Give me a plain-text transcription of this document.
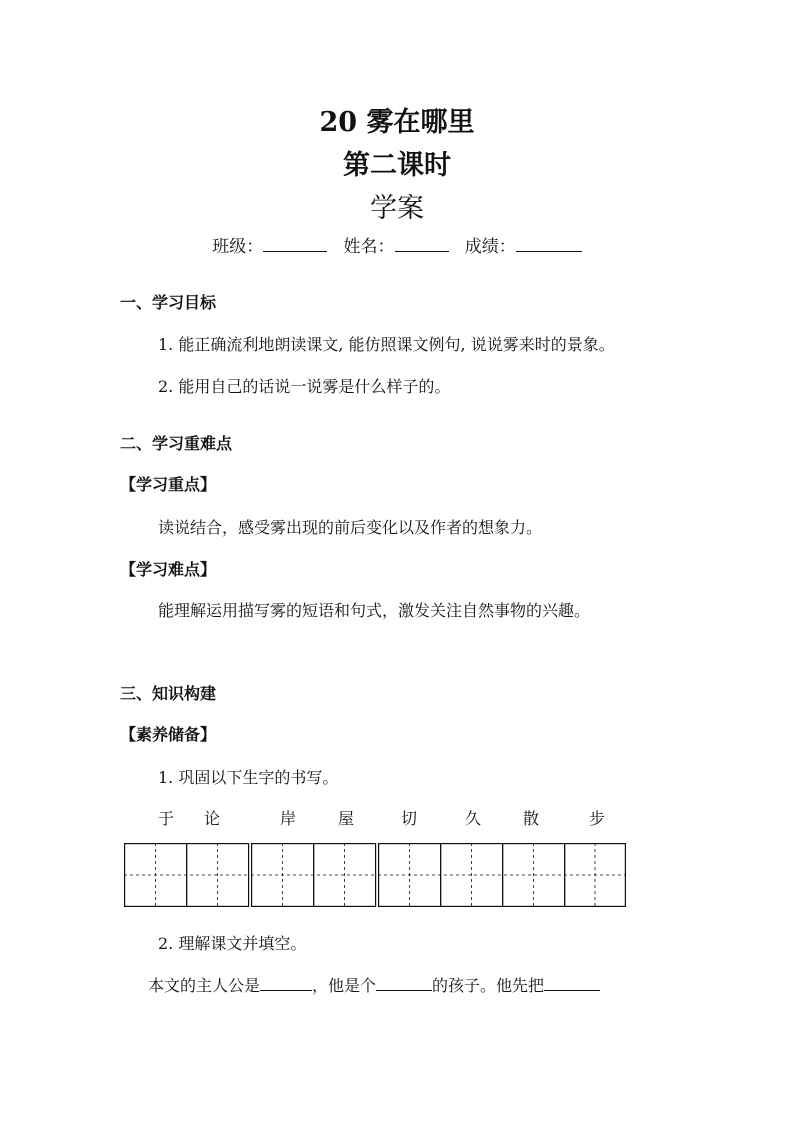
20 雾在哪里
第二课时
学案
班级：	姓名：	成绩：
一、学习目标
1. 能正确流利地朗读课文, 能仿照课文例句, 说说雾来时的景象。
2. 能用自己的话说一说雾是什么样子的。
二、学习重难点
【学习重点】
读说结合，感受雾出现的前后变化以及作者的想象力。
【学习难点】
能理解运用描写雾的短语和句式，激发关注自然事物的兴趣。
三、知识构建
【素养储备】
1. 巩固以下生字的书写。
于 论	岸	屋	切	久	散	步
2. 理解课文并填空。
本文的主人公是	，他是个	的孩子。他先把
